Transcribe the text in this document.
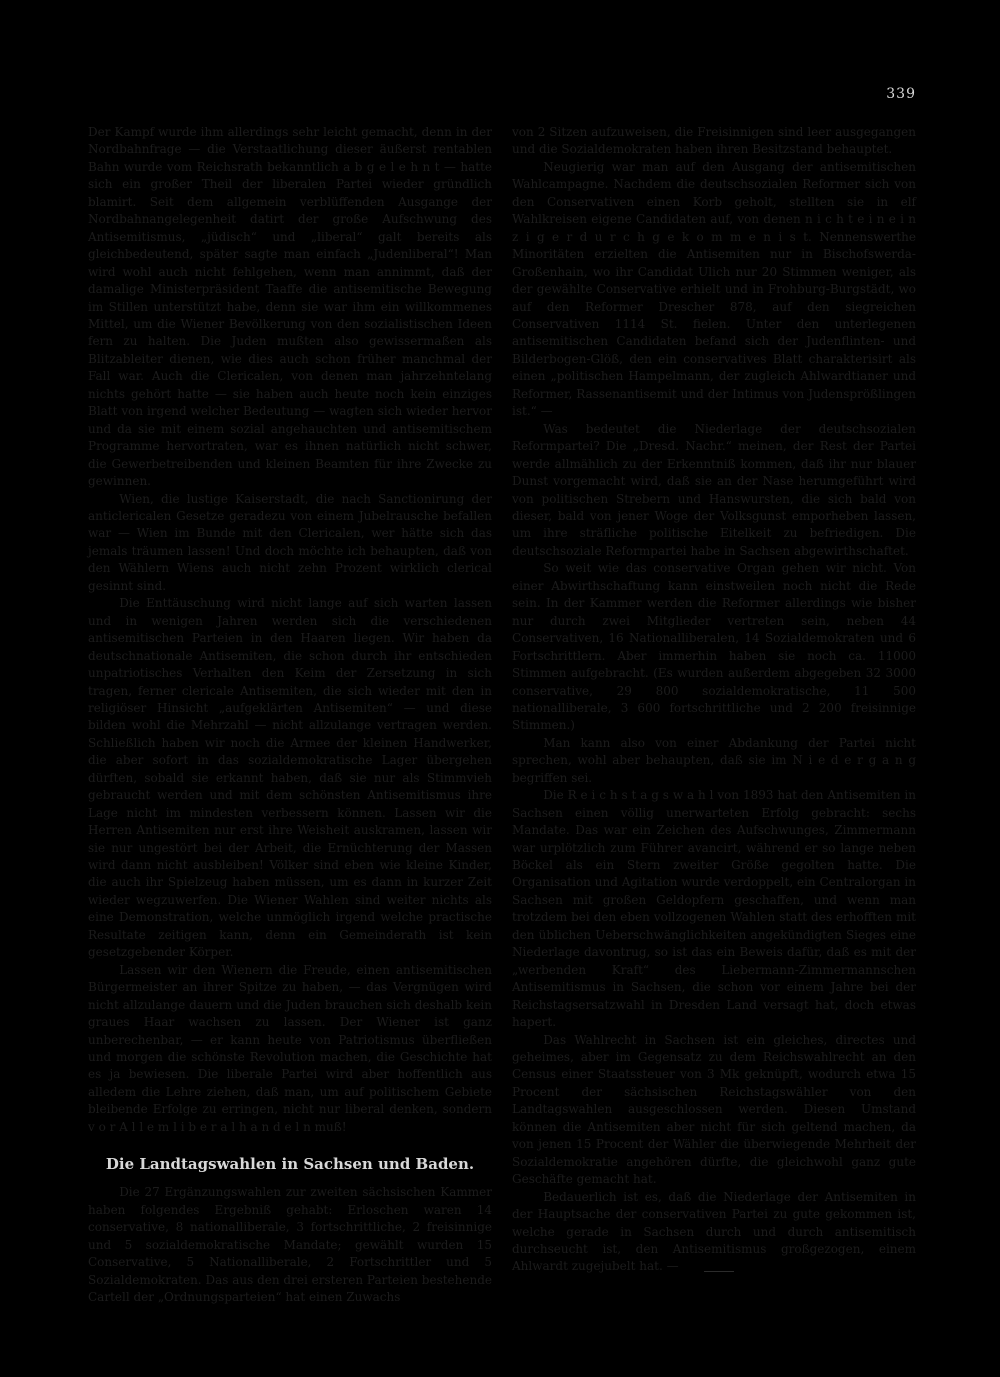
339

Der Kampf wurde ihm allerdings sehr leicht gemacht, denn in der Nordbahnfrage — die Verstaatlichung dieser äußerst rentablen Bahn wurde vom Reichsrath bekanntlich a b g e l e h n t — hatte sich ein großer Theil der liberalen Partei wieder gründlich blamirt. Seit dem allgemein verblüffenden Ausgange der Nordbahnangelegenheit datirt der große Aufschwung des Antisemitismus, „jüdisch“ und „liberal“ galt bereits als gleichbedeutend, später sagte man einfach „Judenliberal“! Man wird wohl auch nicht fehlgehen, wenn man annimmt, daß der damalige Ministerpräsident Taaffe die antisemitische Bewegung im Stillen unterstützt habe, denn sie war ihm ein willkommenes Mittel, um die Wiener Bevölkerung von den sozialistischen Ideen fern zu halten. Die Juden mußten also gewissermaßen als Blitzableiter dienen, wie dies auch schon früher manchmal der Fall war. Auch die Clericalen, von denen man jahrzehntelang nichts gehört hatte — sie haben auch heute noch kein einziges Blatt von irgend welcher Bedeutung — wagten sich wieder hervor und da sie mit einem sozial angehauchten und antisemitischem Programme hervortraten, war es ihnen natürlich nicht schwer, die Gewerbetreibenden und kleinen Beamten für ihre Zwecke zu gewinnen.

Wien, die lustige Kaiserstadt, die nach Sanctionirung der anticlericalen Gesetze geradezu von einem Jubelrausche befallen war — Wien im Bunde mit den Clericalen, wer hätte sich das jemals träumen lassen! Und doch möchte ich behaupten, daß von den Wählern Wiens auch nicht zehn Prozent wirklich clerical gesinnt sind.

Die Enttäuschung wird nicht lange auf sich warten lassen und in wenigen Jahren werden sich die verschiedenen antisemitischen Parteien in den Haaren liegen. Wir haben da deutschnationale Antisemiten, die schon durch ihr entschieden unpatriotisches Verhalten den Keim der Zersetzung in sich tragen, ferner clericale Antisemiten, die sich wieder mit den in religiöser Hinsicht „aufgeklärten Antisemiten“ — und diese bilden wohl die Mehrzahl — nicht allzulange vertragen werden. Schließlich haben wir noch die Armee der kleinen Handwerker, die aber sofort in das sozialdemokratische Lager übergehen dürften, sobald sie erkannt haben, daß sie nur als Stimmvieh gebraucht werden und mit dem schönsten Antisemitismus ihre Lage nicht im mindesten verbessern können. Lassen wir die Herren Antisemiten nur erst ihre Weisheit auskramen, lassen wir sie nur ungestört bei der Arbeit, die Ernüchterung der Massen wird dann nicht ausbleiben! Völker sind eben wie kleine Kinder, die auch ihr Spielzeug haben müssen, um es dann in kurzer Zeit wieder wegzuwerfen. Die Wiener Wahlen sind weiter nichts als eine Demonstration, welche unmöglich irgend welche practische Resultate zeitigen kann, denn ein Gemeinderath ist kein gesetzgebender Körper.

Lassen wir den Wienern die Freude, einen antisemitischen Bürgermeister an ihrer Spitze zu haben, — das Vergnügen wird nicht allzulange dauern und die Juden brauchen sich deshalb kein graues Haar wachsen zu lassen. Der Wiener ist ganz unberechenbar, — er kann heute von Patriotismus überfließen und morgen die schönste Revolution machen, die Geschichte hat es ja bewiesen. Die liberale Partei wird aber hoffentlich aus alledem die Lehre ziehen, daß man, um auf politischem Gebiete bleibende Erfolge zu erringen, nicht nur liberal denken, sondern v o r A l l e m l i b e r a l h a n d e l n muß!

Die Landtagswahlen in Sachsen und Baden.

Die 27 Ergänzungswahlen zur zweiten sächsischen Kammer haben folgendes Ergebniß gehabt: Erloschen waren 14 conservative, 8 nationalliberale, 3 fortschrittliche, 2 freisinnige und 5 sozialdemokratische Mandate; gewählt wurden 15 Conservative, 5 Nationalliberale, 2 Fortschrittler und 5 Sozialdemokraten. Das aus den drei ersteren Parteien bestehende Cartell der „Ordnungsparteien“ hat einen Zuwachs

von 2 Sitzen aufzuweisen, die Freisinnigen sind leer ausgegangen und die Sozialdemokraten haben ihren Besitzstand behauptet.

Neugierig war man auf den Ausgang der antisemitischen Wahlcampagne. Nachdem die deutschsozialen Reformer sich von den Conservativen einen Korb geholt, stellten sie in elf Wahlkreisen eigene Candidaten auf, von denen n i c h t e i n e i n z i g e r d u r c h g e k o m m e n i s t. Nennenswerthe Minoritäten erzielten die Antisemiten nur in Bischofswerda-Großenhain, wo ihr Candidat Ulich nur 20 Stimmen weniger, als der gewählte Conservative erhielt und in Frohburg-Burgstädt, wo auf den Reformer Drescher 878, auf den siegreichen Conservativen 1114 St. fielen. Unter den unterlegenen antisemitischen Candidaten befand sich der Judenflinten- und Bilderbogen-Glöß, den ein conservatives Blatt charakterisirt als einen „politischen Hampelmann, der zugleich Ahlwardtianer und Reformer, Rassenantisemit und der Intimus von Judensprößlingen ist.“ —

Was bedeutet die Niederlage der deutschsozialen Reformpartei? Die „Dresd. Nachr.“ meinen, der Rest der Partei werde allmählich zu der Erkenntniß kommen, daß ihr nur blauer Dunst vorgemacht wird, daß sie an der Nase herumgeführt wird von politischen Strebern und Hanswursten, die sich bald von dieser, bald von jener Woge der Volksgunst emporheben lassen, um ihre sträfliche politische Eitelkeit zu befriedigen. Die deutschsoziale Reformpartei habe in Sachsen abgewirthschaftet.

So weit wie das conservative Organ gehen wir nicht. Von einer Abwirthschaftung kann einstweilen noch nicht die Rede sein. In der Kammer werden die Reformer allerdings wie bisher nur durch zwei Mitglieder vertreten sein, neben 44 Conservativen, 16 Nationalliberalen, 14 Sozialdemokraten und 6 Fortschrittlern. Aber immerhin haben sie noch ca. 11000 Stimmen aufgebracht. (Es wurden außerdem abgegeben 32 3000 conservative, 29 800 sozialdemokratische, 11 500 nationalliberale, 3 600 fortschrittliche und 2 200 freisinnige Stimmen.)

Man kann also von einer Abdankung der Partei nicht sprechen, wohl aber behaupten, daß sie im N i e d e r g a n g begriffen sei.

Die R e i c h s t a g s w a h l von 1893 hat den Antisemiten in Sachsen einen völlig unerwarteten Erfolg gebracht: sechs Mandate. Das war ein Zeichen des Aufschwunges, Zimmermann war urplötzlich zum Führer avancirt, während er so lange neben Böckel als ein Stern zweiter Größe gegolten hatte. Die Organisation und Agitation wurde verdoppelt, ein Centralorgan in Sachsen mit großen Geldopfern geschaffen, und wenn man trotzdem bei den eben vollzogenen Wahlen statt des erhofften mit den üblichen Ueberschwänglichkeiten angekündigten Sieges eine Niederlage davontrug, so ist das ein Beweis dafür, daß es mit der „werbenden Kraft“ des Liebermann-Zimmermannschen Antisemitismus in Sachsen, die schon vor einem Jahre bei der Reichstagsersatzwahl in Dresden Land versagt hat, doch etwas hapert.

Das Wahlrecht in Sachsen ist ein gleiches, directes und geheimes, aber im Gegensatz zu dem Reichswahlrecht an den Census einer Staatssteuer von 3 Mk geknüpft, wodurch etwa 15 Procent der sächsischen Reichstagswähler von den Landtagswahlen ausgeschlossen werden. Diesen Umstand können die Antisemiten aber nicht für sich geltend machen, da von jenen 15 Procent der Wähler die überwiegende Mehrheit der Sozialdemokratie angehören dürfte, die gleichwohl ganz gute Geschäfte gemacht hat.

Bedauerlich ist es, daß die Niederlage der Antisemiten in der Hauptsache der conservativen Partei zu gute gekommen ist, welche gerade in Sachsen durch und durch antisemitisch durchseucht ist, den Antisemitismus großgezogen, einem Ahlwardt zugejubelt hat. —
